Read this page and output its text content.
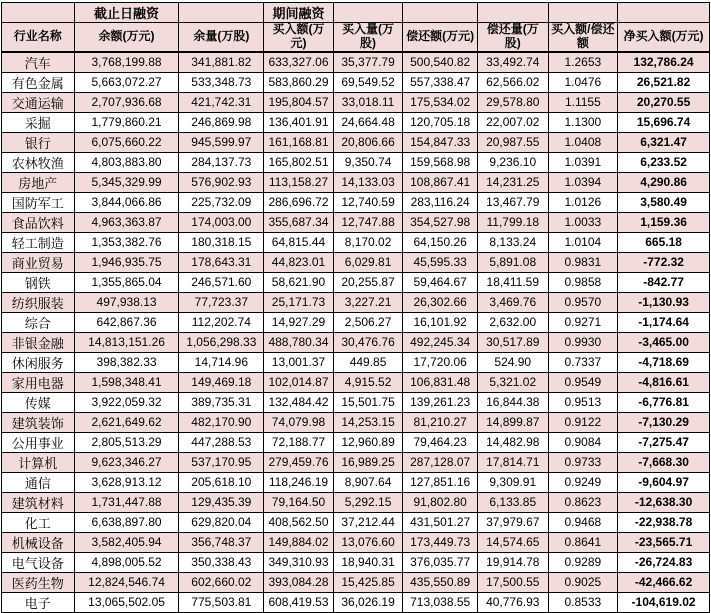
	截止日融资		期间融资					
行业名称	余额(万元)	余量(万股)	买入额(万元)	买入量(万股)	偿还额(万元)	偿还量(万股)	买入额/偿还额	净买入额(万元)
汽车	3,768,199.88	341,881.82	633,327.06	35,377.79	500,540.82	33,492.74	1.2653	132,786.24
有色金属	5,663,072.27	533,348.73	583,860.29	69,549.52	557,338.47	62,566.02	1.0476	26,521.82
交通运输	2,707,936.68	421,742.31	195,804.57	33,018.11	175,534.02	29,578.80	1.1155	20,270.55
采掘	1,779,860.21	246,869.98	136,401.91	24,664.48	120,705.18	22,007.02	1.1300	15,696.74
银行	6,075,660.22	945,599.97	161,168.81	20,806.66	154,847.33	20,987.55	1.0408	6,321.47
农林牧渔	4,803,883.80	284,137.73	165,802.51	9,350.74	159,568.98	9,236.10	1.0391	6,233.52
房地产	5,345,329.99	576,902.93	113,158.27	14,133.03	108,867.41	14,231.25	1.0394	4,290.86
国防军工	3,844,066.86	225,732.09	286,696.72	12,740.59	283,116.24	13,467.79	1.0126	3,580.49
食品饮料	4,963,363.87	174,003.00	355,687.34	12,747.88	354,527.98	11,799.18	1.0033	1,159.36
轻工制造	1,353,382.76	180,318.15	64,815.44	8,170.02	64,150.26	8,133.24	1.0104	665.18
商业贸易	1,946,935.75	178,643.31	44,823.01	6,029.81	45,595.33	5,891.08	0.9831	-772.32
钢铁	1,355,865.04	246,571.60	58,621.90	20,255.87	59,464.67	18,411.59	0.9858	-842.77
纺织服装	497,938.13	77,723.37	25,171.73	3,227.21	26,302.66	3,469.76	0.9570	-1,130.93
综合	642,867.36	112,202.74	14,927.29	2,506.27	16,101.92	2,632.00	0.9271	-1,174.64
非银金融	14,813,151.26	1,056,298.33	488,780.34	30,476.76	492,245.34	30,517.89	0.9930	-3,465.00
休闲服务	398,382.33	14,714.96	13,001.37	449.85	17,720.06	524.90	0.7337	-4,718.69
家用电器	1,598,348.41	149,469.18	102,014.87	4,915.52	106,831.48	5,321.02	0.9549	-4,816.61
传媒	3,922,059.32	389,735.31	132,484.42	15,501.75	139,261.23	16,844.38	0.9513	-6,776.81
建筑装饰	2,621,649.62	482,170.90	74,079.98	14,253.15	81,210.27	14,899.87	0.9122	-7,130.29
公用事业	2,805,513.29	447,288.53	72,188.77	12,960.89	79,464.23	14,482.98	0.9084	-7,275.47
计算机	9,623,346.27	537,170.95	279,459.76	16,989.25	287,128.07	17,814.71	0.9733	-7,668.30
通信	3,628,913.12	205,618.10	118,246.19	8,907.64	127,851.16	9,309.91	0.9249	-9,604.97
建筑材料	1,731,447.88	129,435.39	79,164.50	5,292.15	91,802.80	6,133.85	0.8623	-12,638.30
化工	6,638,897.80	629,820.04	408,562.50	37,212.44	431,501.27	37,979.67	0.9468	-22,938.78
机械设备	3,582,405.94	356,748.37	149,884.02	13,076.60	173,449.73	14,574.65	0.8641	-23,565.71
电气设备	4,898,005.52	350,338.43	349,310.93	18,940.31	376,035.77	19,914.78	0.9289	-26,724.83
医药生物	12,824,546.74	602,660.02	393,084.28	15,425.85	435,550.89	17,500.55	0.9025	-42,466.62
电子	13,065,502.05	775,503.81	608,419.53	36,026.19	713,038.55	40,776.93	0.8533	-104,619.02
